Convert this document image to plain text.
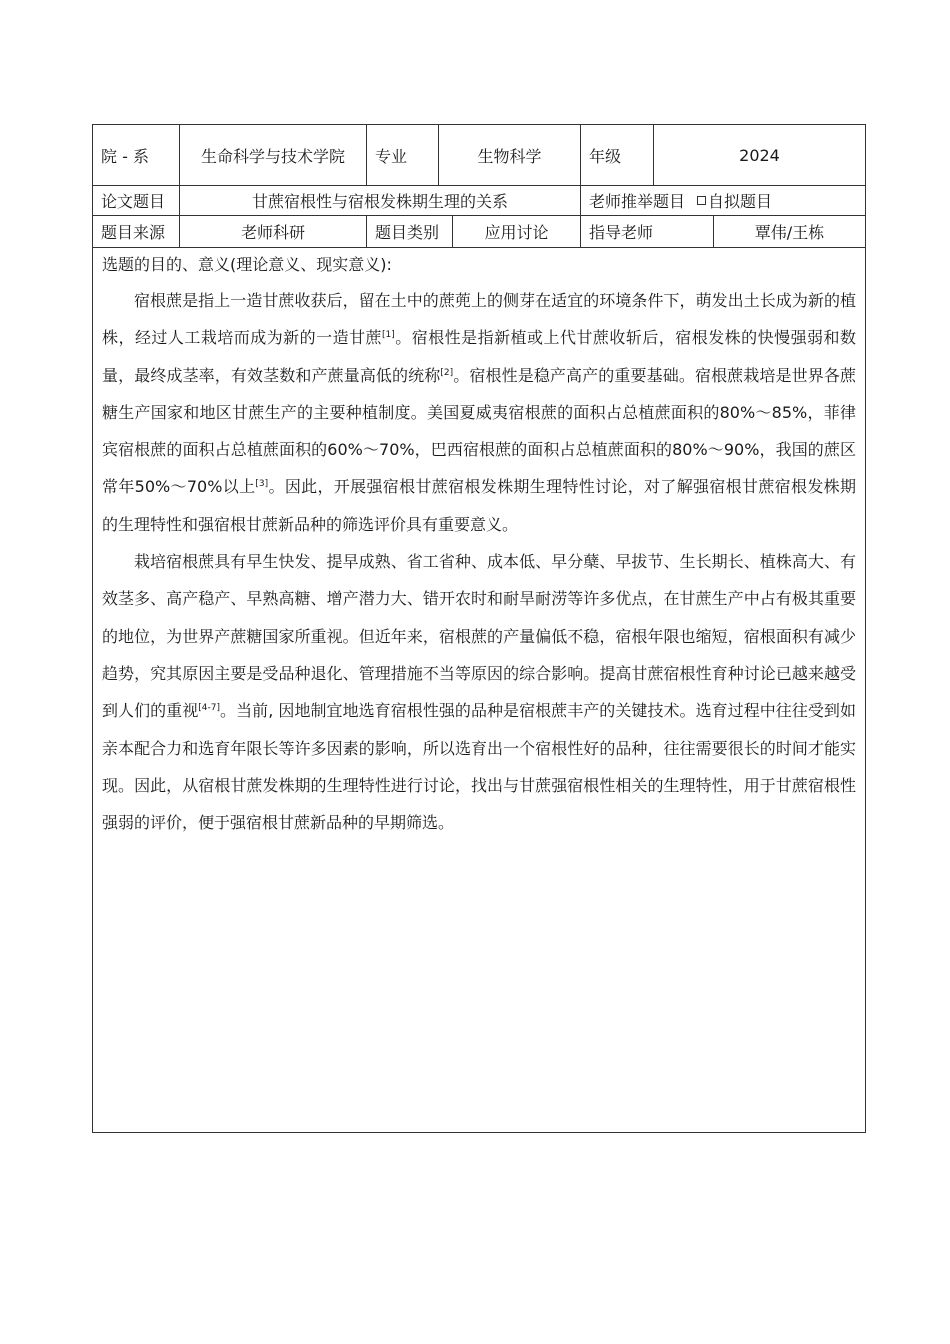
院 - 系	生命科学与技术学院	专业	生物科学	年级	2024
论文题目	甘蔗宿根性与宿根发株期生理的关系	老师推举题目 自拟题目
题目来源	老师科研	题目类别	应用讨论	指导老师	覃伟/王栋
选题的目的、意义(理论意义、现实意义):

宿根蔗是指上一造甘蔗收获后，留在土中的蔗蔸上的侧芽在适宜的环境条件下，萌发出土长成为新的植株，经过人工栽培而成为新的一造甘蔗[1]。宿根性是指新植或上代甘蔗收斩后，宿根发株的快慢强弱和数量，最终成茎率，有效茎数和产蔗量高低的统称[2]。宿根性是稳产高产的重要基础。宿根蔗栽培是世界各蔗糖生产国家和地区甘蔗生产的主要种植制度。美国夏威夷宿根蔗的面积占总植蔗面积的80%～85%，菲律宾宿根蔗的面积占总植蔗面积的60%～70%，巴西宿根蔗的面积占总植蔗面积的80%～90%，我国的蔗区常年50%～70%以上[3]。因此，开展强宿根甘蔗宿根发株期生理特性讨论，对了解强宿根甘蔗宿根发株期的生理特性和强宿根甘蔗新品种的筛选评价具有重要意义。

栽培宿根蔗具有早生快发、提早成熟、省工省种、成本低、早分蘖、早拔节、生长期长、植株高大、有效茎多、高产稳产、早熟高糖、增产潜力大、错开农时和耐旱耐涝等许多优点，在甘蔗生产中占有极其重要的地位，为世界产蔗糖国家所重视。但近年来，宿根蔗的产量偏低不稳，宿根年限也缩短，宿根面积有减少趋势，究其原因主要是受品种退化、管理措施不当等原因的综合影响。提高甘蔗宿根性育种讨论已越来越受到人们的重视[4-7]。当前, 因地制宜地选育宿根性强的品种是宿根蔗丰产的关键技术。选育过程中往往受到如亲本配合力和选育年限长等许多因素的影响，所以选育出一个宿根性好的品种，往往需要很长的时间才能实现。因此，从宿根甘蔗发株期的生理特性进行讨论，找出与甘蔗强宿根性相关的生理特性，用于甘蔗宿根性强弱的评价，便于强宿根甘蔗新品种的早期筛选。
